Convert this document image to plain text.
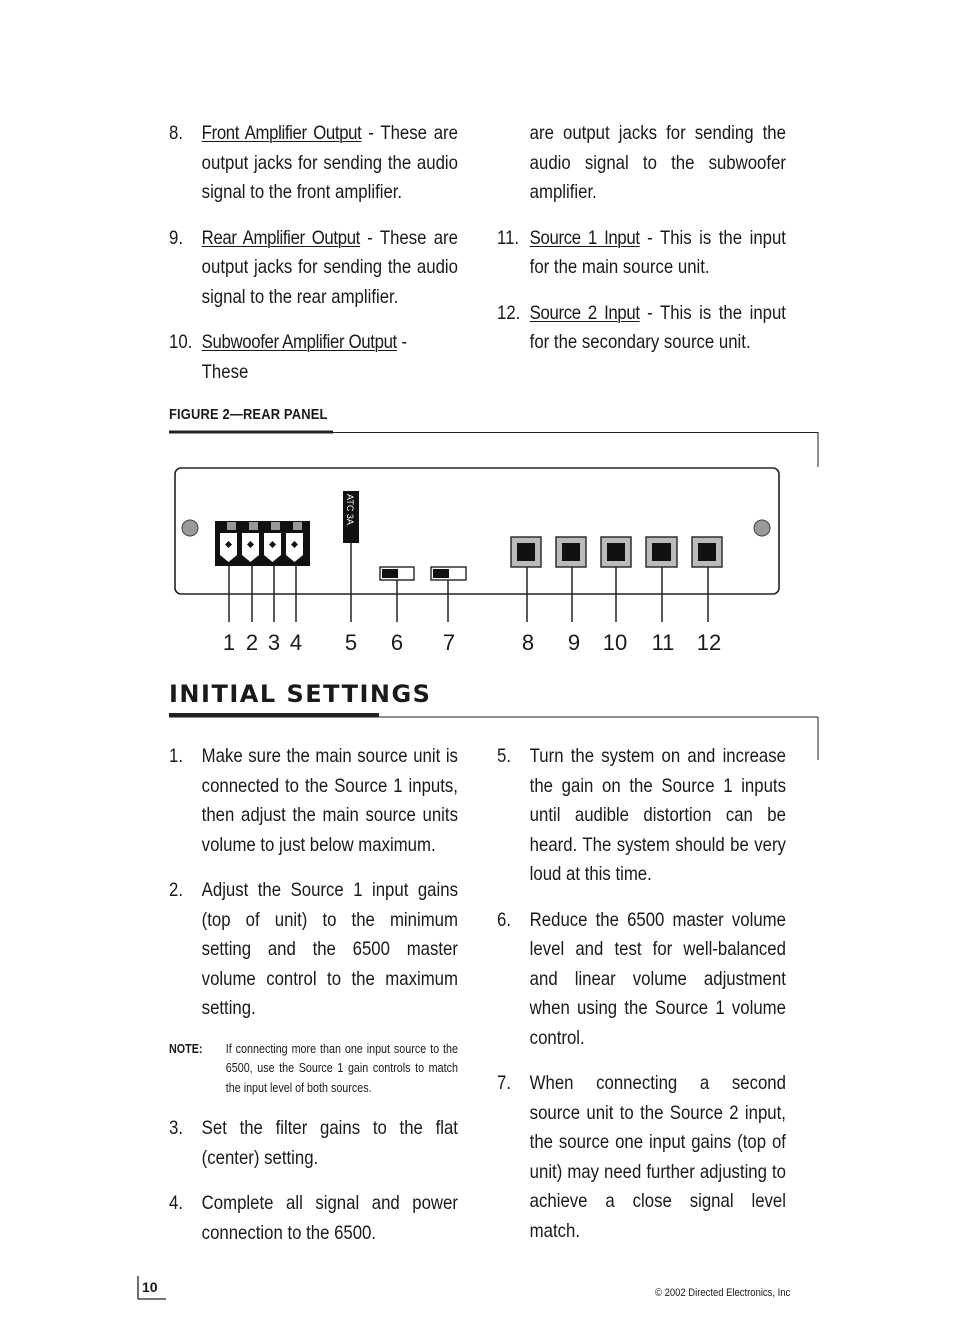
8. Front Amplifier Output - These are output jacks for sending the audio signal to the front amplifier.
9. Rear Amplifier Output - These are output jacks for sending the audio signal to the rear amplifier.
10. Subwoofer Amplifier Output - These
are output jacks for sending the audio signal to the subwoofer amplifier.
11. Source 1 Input - This is the input for the main source unit.
12. Source 2 Input - This is the input for the secondary source unit.
FIGURE 2—REAR PANEL
ATC 3A
1 2 3 4 5 6 7	8 9 10 11 12
INITIAL SETTINGS
1. Make sure the main source unit is connected to the Source 1 inputs, then adjust the main source units volume to just below maximum.
2. Adjust the Source 1 input gains (top of unit) to the minimum setting and the 6500 master volume control to the maximum setting.
NOTE: If connecting more than one input source to the 6500, use the Source 1 gain controls to match the input level of both sources.
3. Set the filter gains to the flat (center) setting.
4. Complete all signal and power connection to the 6500.
5. Turn the system on and increase the gain on the Source 1 inputs until audible distortion can be heard. The system should be very loud at this time.
6. Reduce the 6500 master volume level and test for well-balanced and linear volume adjustment when using the Source 1 volume control.
7. When connecting a second source unit to the Source 2 input, the source one input gains (top of unit) may need further adjusting to achieve a close signal level match.
10	© 2002 Directed Electronics, Inc
